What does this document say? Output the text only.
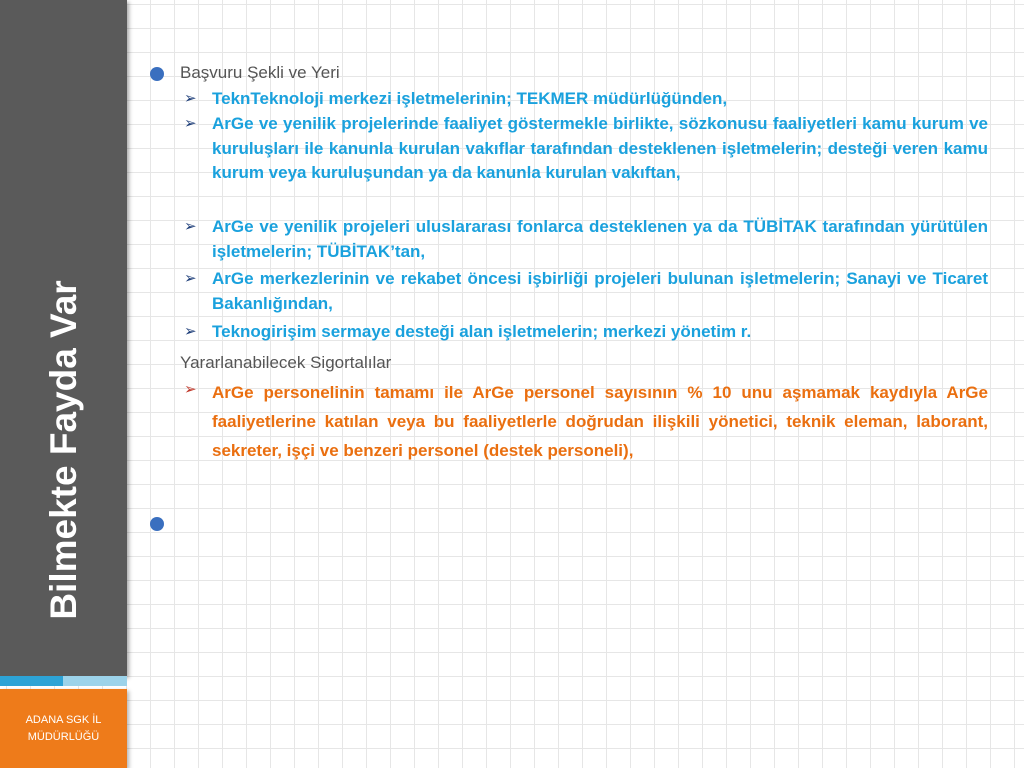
Bilmekte Fayda Var
ADANA SGK İL
MÜDÜRLÜĞÜ
Başvuru Şekli ve Yeri
➢ TeknTeknoloji merkezi işletmelerinin; TEKMER müdürlüğünden,
➢ ArGe ve yenilik projelerinde faaliyet göstermekle birlikte, sözkonusu faaliyetleri kamu kurum ve kuruluşları ile kanunla kurulan vakıflar tarafından desteklenen işletmelerin; desteği veren kamu kurum veya kuruluşundan ya da kanunla kurulan vakıftan,
➢ ArGe ve yenilik projeleri uluslararası fonlarca desteklenen ya da TÜBİTAK tarafından yürütülen işletmelerin; TÜBİTAK’tan,
➢ ArGe merkezlerinin ve rekabet öncesi işbirliği projeleri bulunan işletmelerin; Sanayi ve Ticaret Bakanlığından,
➢ Teknogirişim sermaye desteği alan işletmelerin; merkezi yönetim r.
Yararlanabilecek Sigortalılar
➢ ArGe personelinin tamamı ile ArGe personel sayısının % 10 unu aşmamak kaydıyla ArGe faaliyetlerine katılan veya bu faaliyetlerle doğrudan ilişkili yönetici, teknik eleman, laborant, sekreter, işçi ve benzeri personel (destek personeli),
